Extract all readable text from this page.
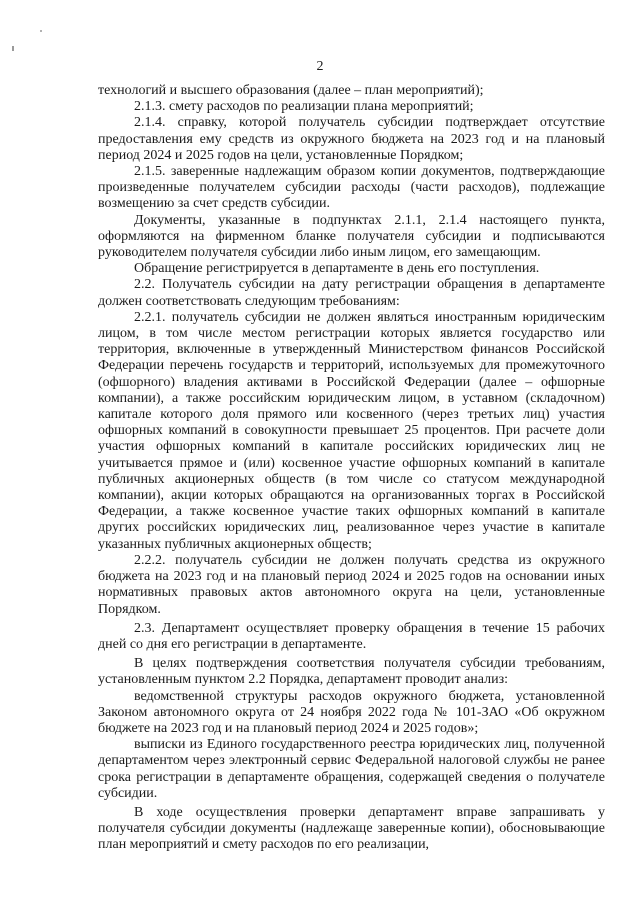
2

технологий и высшего образования (далее – план мероприятий);

2.1.3. смету расходов по реализации плана мероприятий;

2.1.4. справку, которой получатель субсидии подтверждает отсутствие предоставления ему средств из окружного бюджета на 2023 год и на плановый период 2024 и 2025 годов на цели, установленные Порядком;

2.1.5. заверенные надлежащим образом копии документов, подтверждающие произведенные получателем субсидии расходы (части расходов), подлежащие возмещению за счет средств субсидии.

Документы, указанные в подпунктах 2.1.1, 2.1.4 настоящего пункта, оформляются на фирменном бланке получателя субсидии и подписываются руководителем получателя субсидии либо иным лицом, его замещающим.

Обращение регистрируется в департаменте в день его поступления.

2.2. Получатель субсидии на дату регистрации обращения в департаменте должен соответствовать следующим требованиям:

2.2.1. получатель субсидии не должен являться иностранным юридическим лицом, в том числе местом регистрации которых является государство или территория, включенные в утвержденный Министерством финансов Российской Федерации перечень государств и территорий, используемых для промежуточного (офшорного) владения активами в Российской Федерации (далее – офшорные компании), а также российским юридическим лицом, в уставном (складочном) капитале которого доля прямого или косвенного (через третьих лиц) участия офшорных компаний в совокупности превышает 25 процентов. При расчете доли участия офшорных компаний в капитале российских юридических лиц не учитывается прямое и (или) косвенное участие офшорных компаний в капитале публичных акционерных обществ (в том числе со статусом международной компании), акции которых обращаются на организованных торгах в Российской Федерации, а также косвенное участие таких офшорных компаний в капитале других российских юридических лиц, реализованное через участие в капитале указанных публичных акционерных обществ;

2.2.2. получатель субсидии не должен получать средства из окружного бюджета на 2023 год и на плановый период 2024 и 2025 годов на основании иных нормативных правовых актов автономного округа на цели, установленные Порядком.

2.3. Департамент осуществляет проверку обращения в течение 15 рабочих дней со дня его регистрации в департаменте.

В целях подтверждения соответствия получателя субсидии требованиям, установленным пунктом 2.2 Порядка, департамент проводит анализ:

ведомственной структуры расходов окружного бюджета, установленной Законом автономного округа от 24 ноября 2022 года № 101-ЗАО «Об окружном бюджете на 2023 год и на плановый период 2024 и 2025 годов»;

выписки из Единого государственного реестра юридических лиц, полученной департаментом через электронный сервис Федеральной налоговой службы не ранее срока регистрации в департаменте обращения, содержащей сведения о получателе субсидии.

В ходе осуществления проверки департамент вправе запрашивать у получателя субсидии документы (надлежаще заверенные копии), обосновывающие план мероприятий и смету расходов по его реализации,
